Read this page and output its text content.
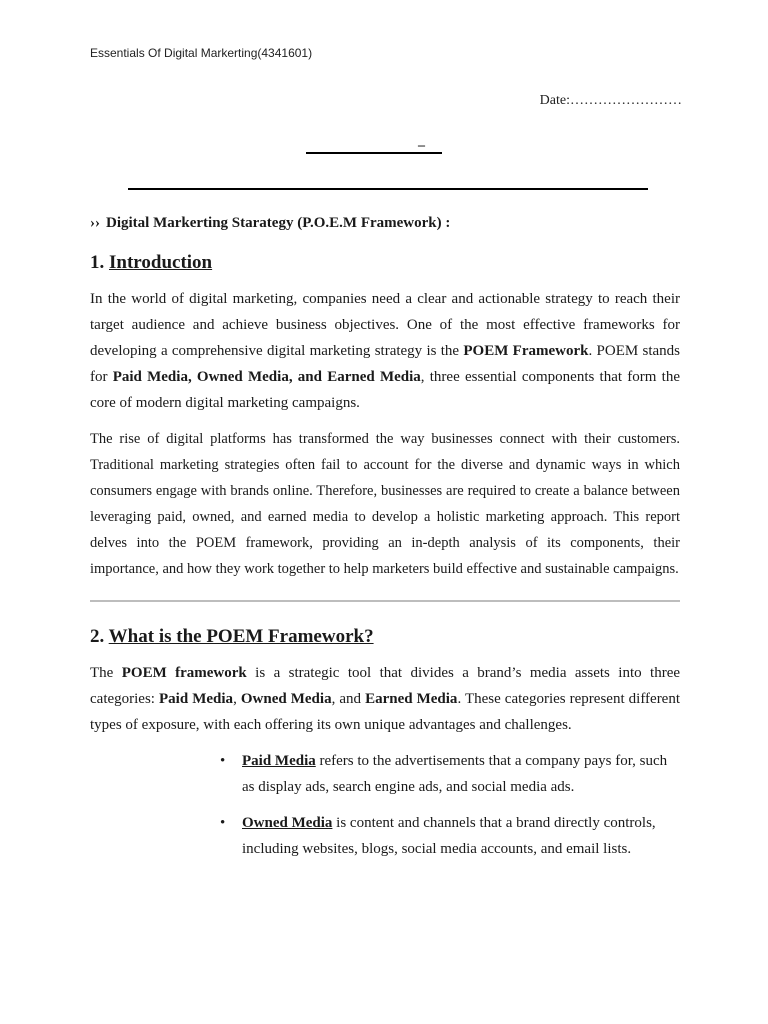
Essentials Of Digital Markerting(4341601)
Date:……………………
–
›› Digital Markerting Starategy (P.O.E.M Framework) :
1. Introduction

In the world of digital marketing, companies need a clear and actionable strategy to reach their target audience and achieve business objectives. One of the most effective frameworks for developing a comprehensive digital marketing strategy is the POEM Framework. POEM stands for Paid Media, Owned Media, and Earned Media, three essential components that form the core of modern digital marketing campaigns.

The rise of digital platforms has transformed the way businesses connect with their customers. Traditional marketing strategies often fail to account for the diverse and dynamic ways in which consumers engage with brands online. Therefore, businesses are required to create a balance between leveraging paid, owned, and earned media to develop a holistic marketing approach. This report delves into the POEM framework, providing an in-depth analysis of its components, their importance, and how they work together to help marketers build effective and sustainable campaigns.

2. What is the POEM Framework?

The POEM framework is a strategic tool that divides a brand’s media assets into three categories: Paid Media, Owned Media, and Earned Media. These categories represent different types of exposure, with each offering its own unique advantages and challenges.

• Paid Media refers to the advertisements that a company pays for, such as display ads, search engine ads, and social media ads.
• Owned Media is content and channels that a brand directly controls, including websites, blogs, social media accounts, and email lists.
